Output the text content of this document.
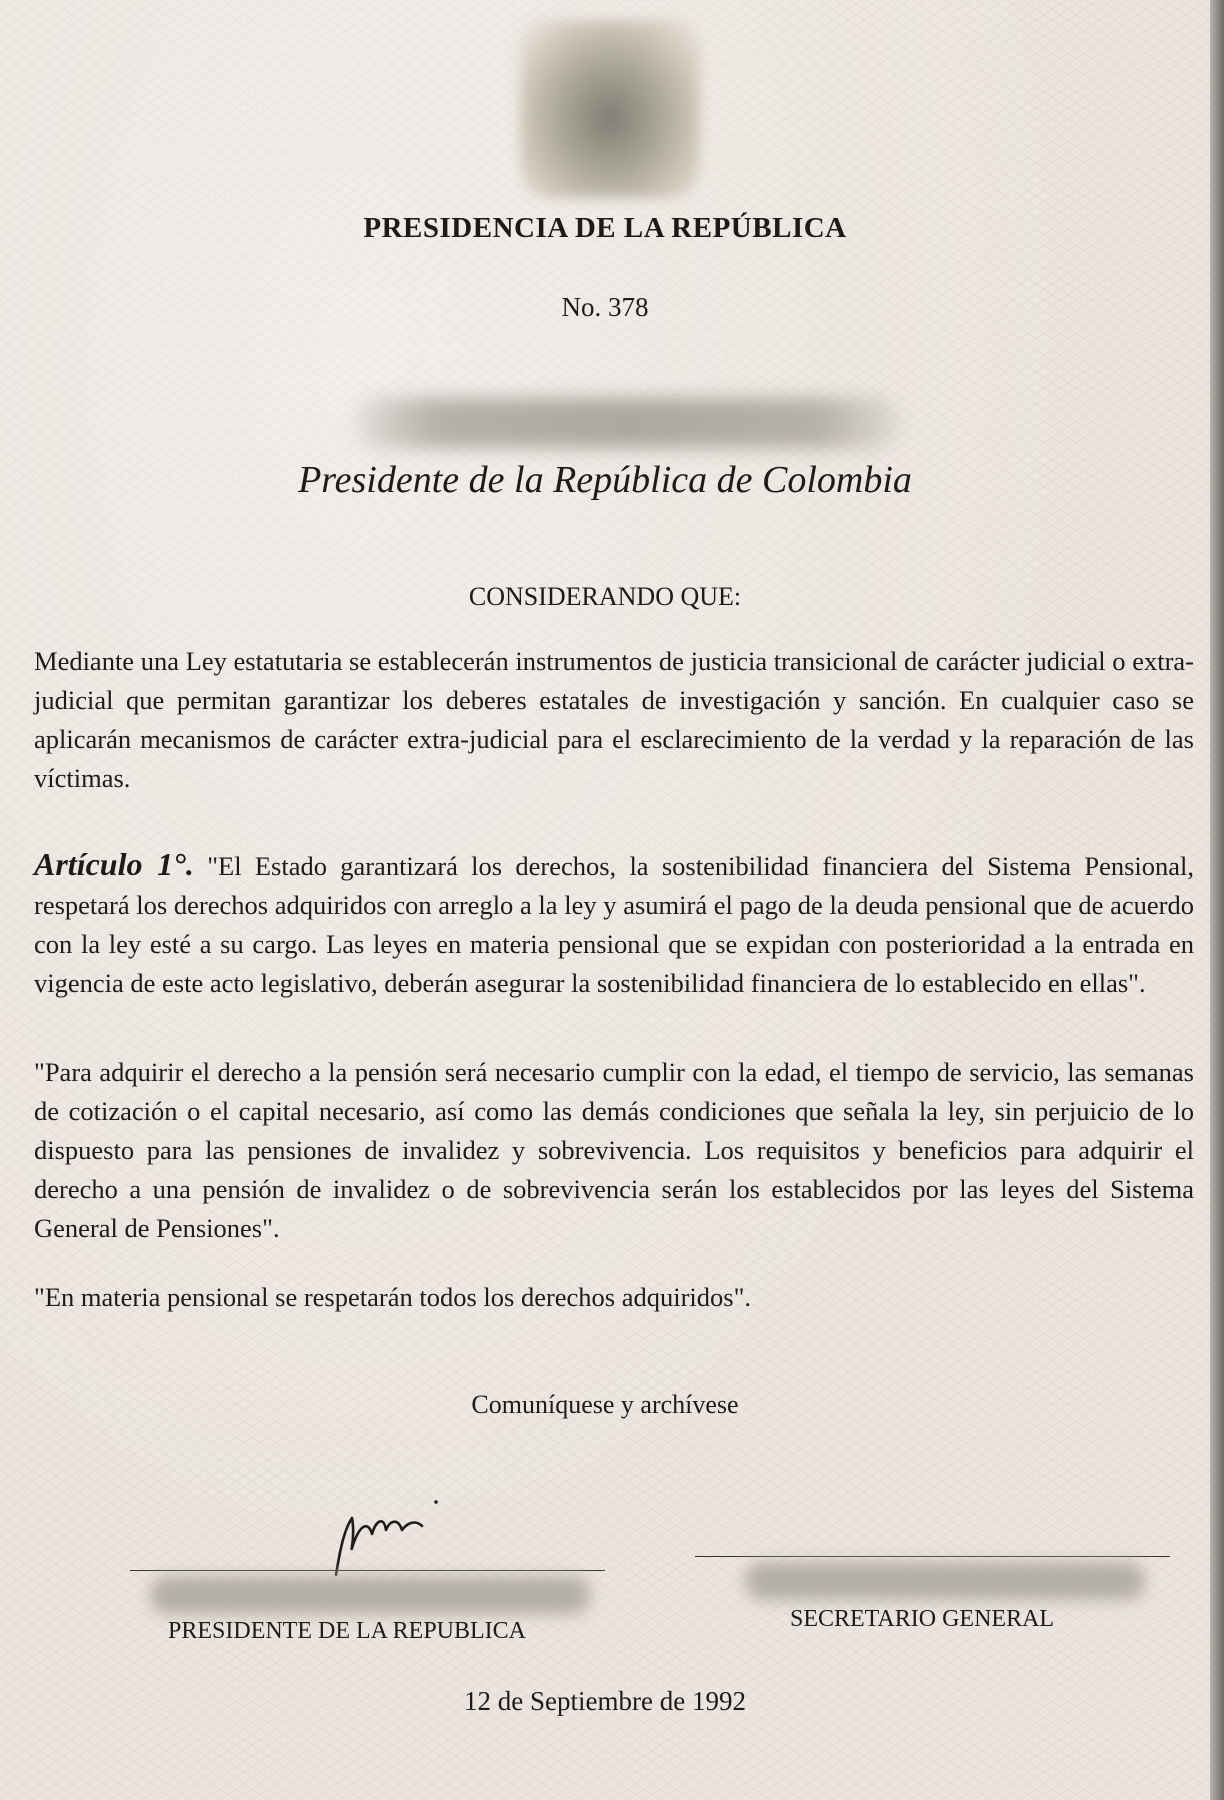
PRESIDENCIA DE LA REPÚBLICA
No. 378
Presidente de la República de Colombia
CONSIDERANDO QUE:
Mediante una Ley estatutaria se establecerán instrumentos de justicia transicional de carácter judicial o extra-judicial que permitan garantizar los deberes estatales de investigación y sanción. En cualquier caso se aplicarán mecanismos de carácter extra-judicial para el esclarecimiento de la verdad y la reparación de las víctimas.
Artículo 1°. "El Estado garantizará los derechos, la sostenibilidad financiera del Sistema Pensional, respetará los derechos adquiridos con arreglo a la ley y asumirá el pago de la deuda pensional que de acuerdo con la ley esté a su cargo. Las leyes en materia pensional que se expidan con posterioridad a la entrada en vigencia de este acto legislativo, deberán asegurar la sostenibilidad financiera de lo establecido en ellas".
"Para adquirir el derecho a la pensión será necesario cumplir con la edad, el tiempo de servicio, las semanas de cotización o el capital necesario, así como las demás condiciones que señala la ley, sin perjuicio de lo dispuesto para las pensiones de invalidez y sobrevivencia. Los requisitos y beneficios para adquirir el derecho a una pensión de invalidez o de sobrevivencia serán los establecidos por las leyes del Sistema General de Pensiones".
"En materia pensional se respetarán todos los derechos adquiridos".
Comuníquese y archívese
PRESIDENTE DE LA REPUBLICA	SECRETARIO GENERAL
12 de Septiembre de 1992
